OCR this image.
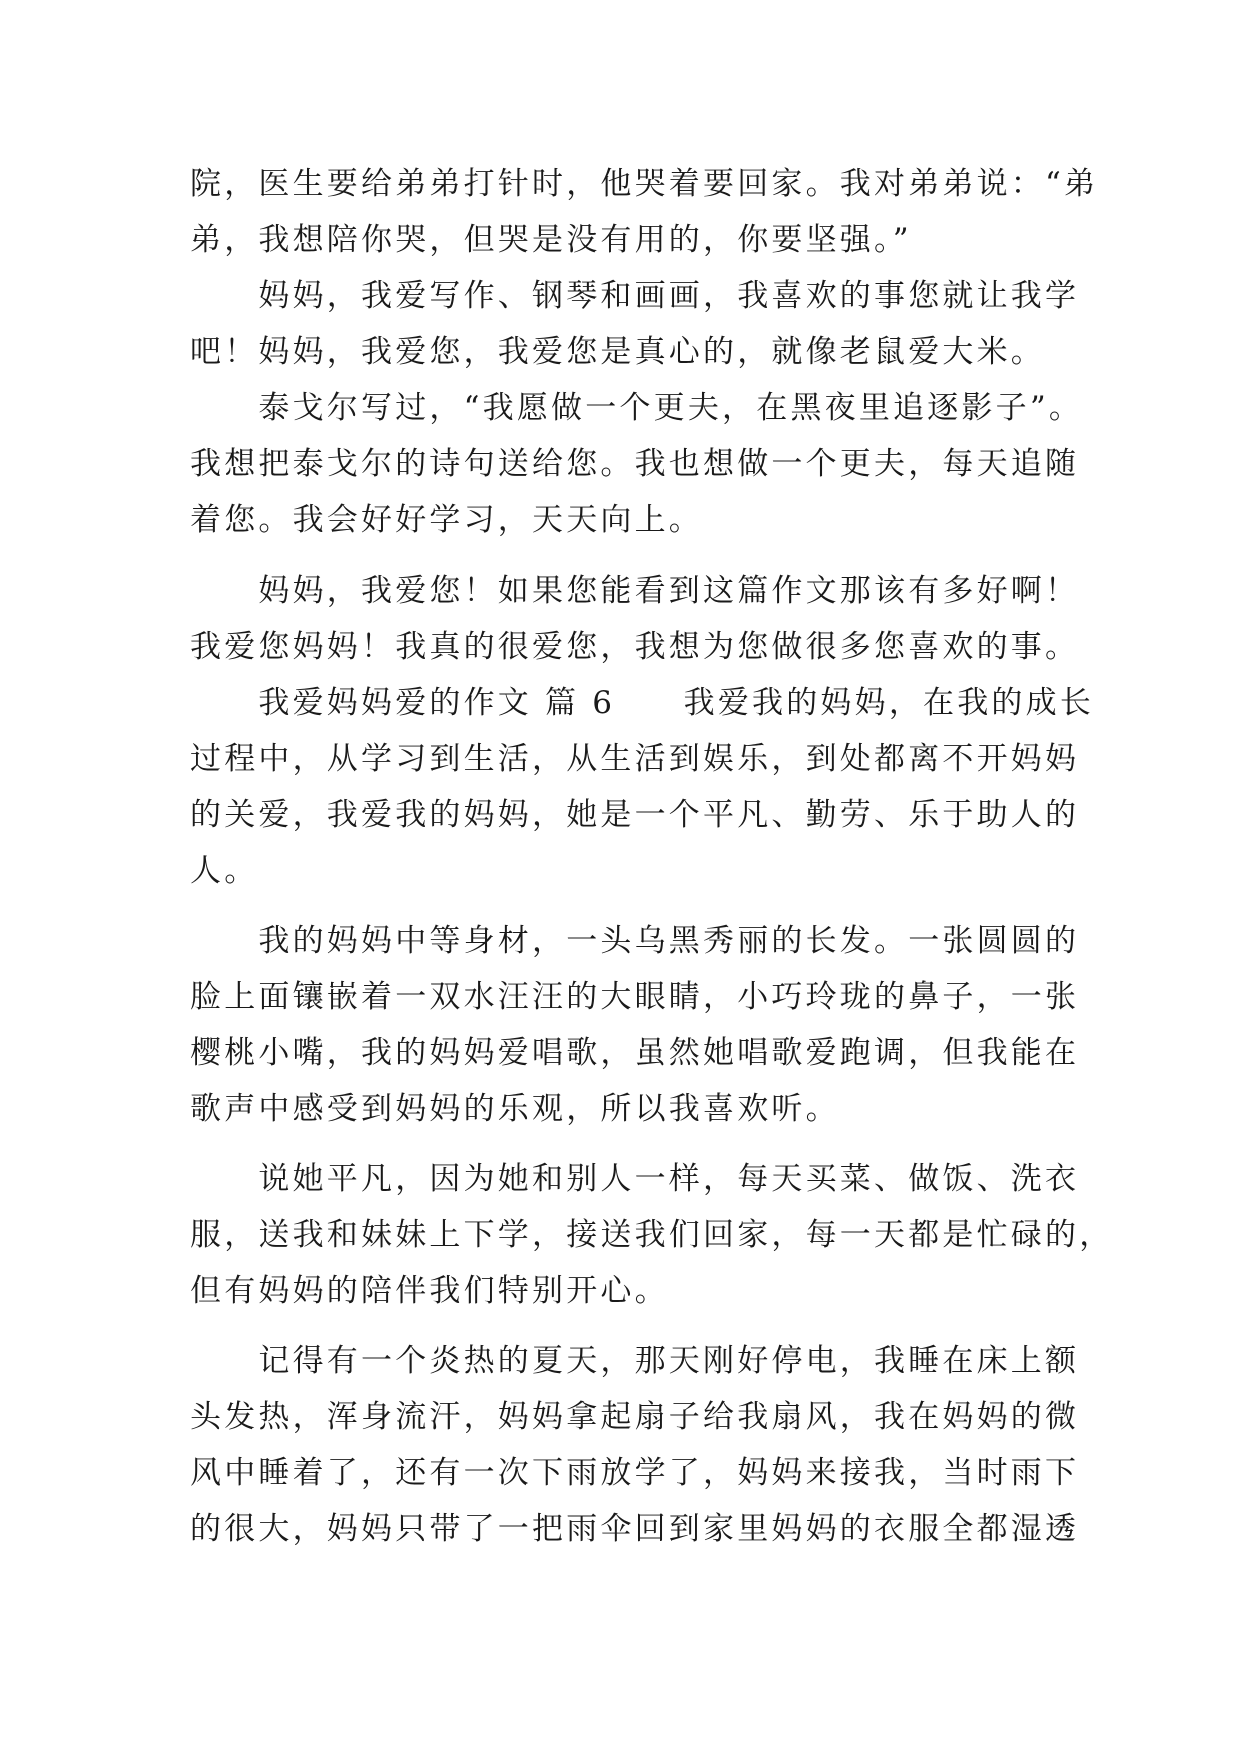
院，医生要给弟弟打针时，他哭着要回家。我对弟弟说：“弟
弟，我想陪你哭，但哭是没有用的，你要坚强。”
　　妈妈，我爱写作、钢琴和画画，我喜欢的事您就让我学
吧！妈妈，我爱您，我爱您是真心的，就像老鼠爱大米。
　　泰戈尔写过，“我愿做一个更夫，在黑夜里追逐影子”。
我想把泰戈尔的诗句送给您。我也想做一个更夫，每天追随
着您。我会好好学习，天天向上。
　　妈妈，我爱您！如果您能看到这篇作文那该有多好啊！
我爱您妈妈！我真的很爱您，我想为您做很多您喜欢的事。
　　我爱妈妈爱的作文 篇 6　　我爱我的妈妈，在我的成长
过程中，从学习到生活，从生活到娱乐，到处都离不开妈妈
的关爱，我爱我的妈妈，她是一个平凡、勤劳、乐于助人的
人。
　　我的妈妈中等身材，一头乌黑秀丽的长发。一张圆圆的
脸上面镶嵌着一双水汪汪的大眼睛，小巧玲珑的鼻子，一张
樱桃小嘴，我的妈妈爱唱歌，虽然她唱歌爱跑调，但我能在
歌声中感受到妈妈的乐观，所以我喜欢听。
　　说她平凡，因为她和别人一样，每天买菜、做饭、洗衣
服，送我和妹妹上下学，接送我们回家，每一天都是忙碌的，
但有妈妈的陪伴我们特别开心。
　　记得有一个炎热的夏天，那天刚好停电，我睡在床上额
头发热，浑身流汗，妈妈拿起扇子给我扇风，我在妈妈的微
风中睡着了，还有一次下雨放学了，妈妈来接我，当时雨下
的很大，妈妈只带了一把雨伞回到家里妈妈的衣服全都湿透
